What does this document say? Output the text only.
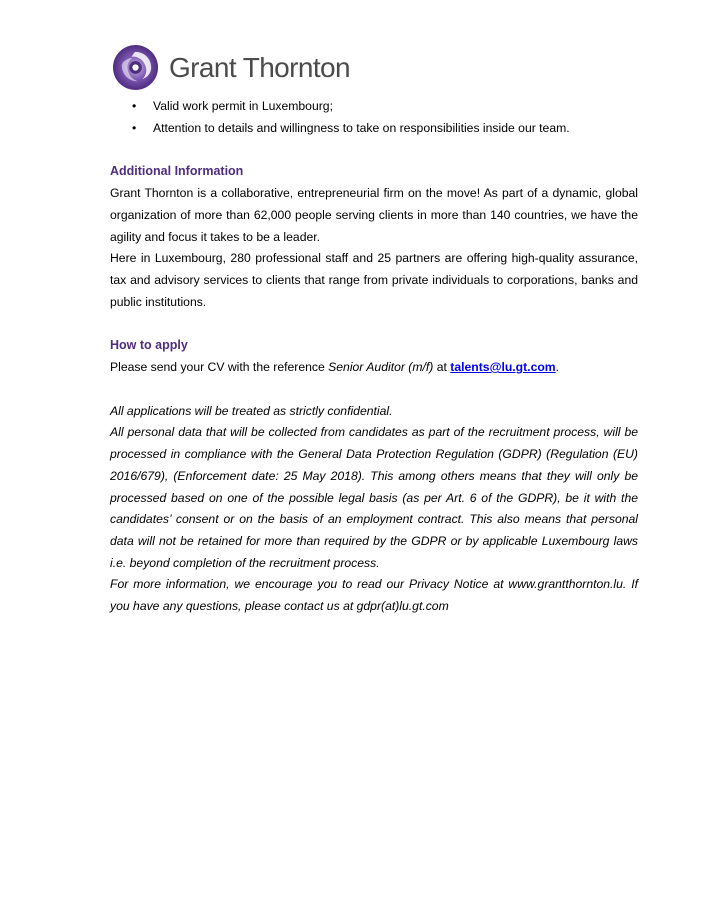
Grant Thornton
• Valid work permit in Luxembourg;
• Attention to details and willingness to take on responsibilities inside our team.
Additional Information

Grant Thornton is a collaborative, entrepreneurial firm on the move! As part of a dynamic, global organization of more than 62,000 people serving clients in more than 140 countries, we have the agility and focus it takes to be a leader.

Here in Luxembourg, 280 professional staff and 25 partners are offering high-quality assurance, tax and advisory services to clients that range from private individuals to corporations, banks and public institutions.

How to apply

Please send your CV with the reference Senior Auditor (m/f) at talents@lu.gt.com.

All applications will be treated as strictly confidential.

All personal data that will be collected from candidates as part of the recruitment process, will be processed in compliance with the General Data Protection Regulation (GDPR) (Regulation (EU) 2016/679), (Enforcement date: 25 May 2018). This among others means that they will only be processed based on one of the possible legal basis (as per Art. 6 of the GDPR), be it with the candidates’ consent or on the basis of an employment contract. This also means that personal data will not be retained for more than required by the GDPR or by applicable Luxembourg laws i.e. beyond completion of the recruitment process.

For more information, we encourage you to read our Privacy Notice at www.grantthornton.lu. If you have any questions, please contact us at gdpr(at)lu.gt.com
